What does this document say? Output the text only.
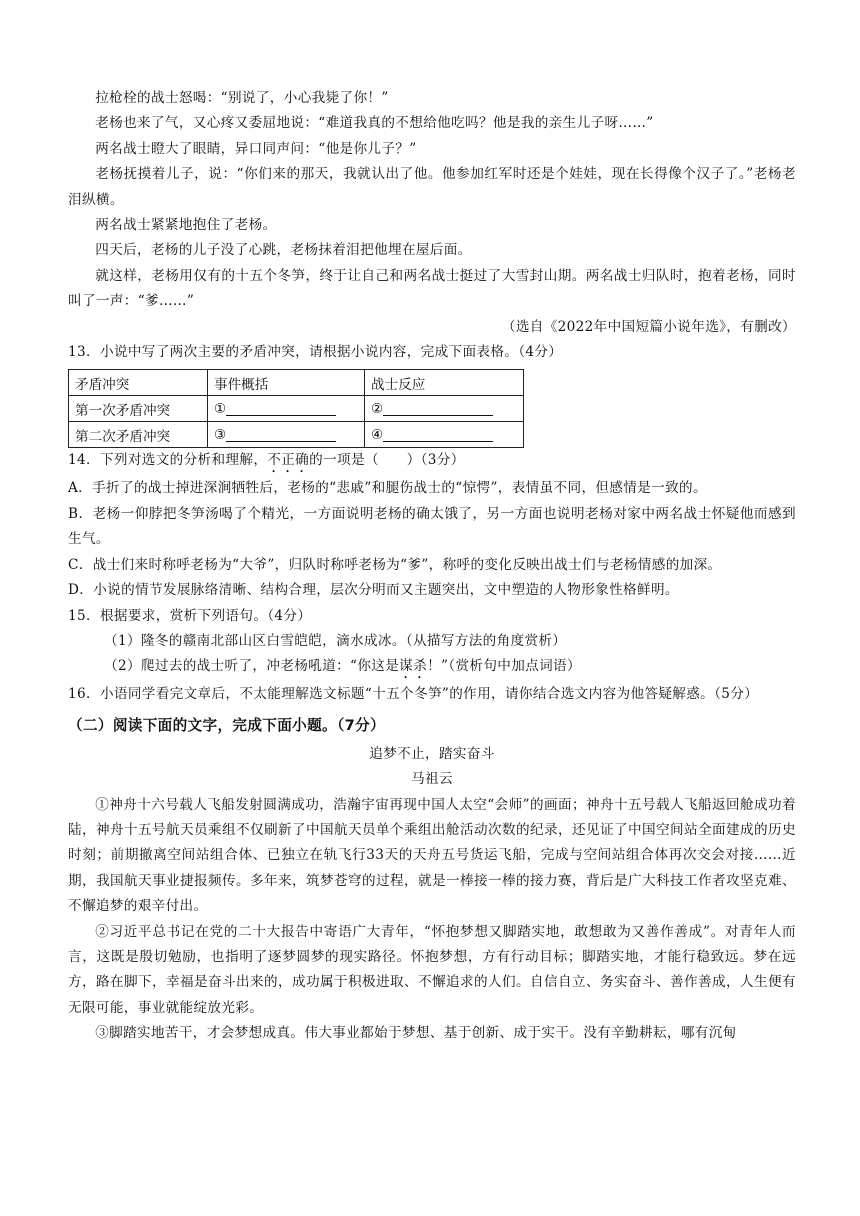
拉枪栓的战士怒喝：“别说了，小心我毙了你！”

老杨也来了气，又心疼又委屈地说：“难道我真的不想给他吃吗？他是我的亲生儿子呀……”

两名战士瞪大了眼睛，异口同声问：“他是你儿子？”

老杨抚摸着儿子，说：“你们来的那天，我就认出了他。他参加红军时还是个娃娃，现在长得像个汉子了。”老杨老泪纵横。

两名战士紧紧地抱住了老杨。

四天后，老杨的儿子没了心跳，老杨抹着泪把他埋在屋后面。

就这样，老杨用仅有的十五个冬笋，终于让自己和两名战士挺过了大雪封山期。两名战士归队时，抱着老杨，同时叫了一声：“爹……”

（选自《2022年中国短篇小说年选》，有删改）

13．小说中写了两次主要的矛盾冲突，请根据小说内容，完成下面表格。（4分）

矛盾冲突	事件概括	战士反应
第一次矛盾冲突	①	②
第二次矛盾冲突	③	④

14．下列对选文的分析和理解，不正确的一项是（　　）（3分）

A．手折了的战士掉进深涧牺牲后，老杨的“悲戚”和腿伤战士的“惊愕”，表情虽不同，但感情是一致的。

B．老杨一仰脖把冬笋汤喝了个精光，一方面说明老杨的确太饿了，另一方面也说明老杨对家中两名战士怀疑他而感到生气。

C．战士们来时称呼老杨为“大爷”，归队时称呼老杨为“爹”，称呼的变化反映出战士们与老杨情感的加深。

D．小说的情节发展脉络清晰、结构合理，层次分明而又主题突出，文中塑造的人物形象性格鲜明。

15．根据要求，赏析下列语句。（4分）

（1）隆冬的赣南北部山区白雪皑皑，滴水成冰。（从描写方法的角度赏析）

（2）爬过去的战士听了，冲老杨吼道：“你这是谋杀！”（赏析句中加点词语）

16．小语同学看完文章后，不太能理解选文标题“十五个冬笋”的作用，请你结合选文内容为他答疑解惑。（5分）

（二）阅读下面的文字，完成下面小题。（7分）

追梦不止，踏实奋斗

马祖云

①神舟十六号载人飞船发射圆满成功，浩瀚宇宙再现中国人太空“会师”的画面；神舟十五号载人飞船返回舱成功着陆，神舟十五号航天员乘组不仅刷新了中国航天员单个乘组出舱活动次数的纪录，还见证了中国空间站全面建成的历史时刻；前期撤离空间站组合体、已独立在轨飞行33天的天舟五号货运飞船，完成与空间站组合体再次交会对接……近期，我国航天事业捷报频传。多年来，筑梦苍穹的过程，就是一棒接一棒的接力赛，背后是广大科技工作者攻坚克难、不懈追梦的艰辛付出。

②习近平总书记在党的二十大报告中寄语广大青年，“怀抱梦想又脚踏实地，敢想敢为又善作善成”。对青年人而言，这既是殷切勉励，也指明了逐梦圆梦的现实路径。怀抱梦想，方有行动目标；脚踏实地，才能行稳致远。梦在远方，路在脚下，幸福是奋斗出来的，成功属于积极进取、不懈追求的人们。自信自立、务实奋斗、善作善成，人生便有无限可能，事业就能绽放光彩。

③脚踏实地苦干，才会梦想成真。伟大事业都始于梦想、基于创新、成于实干。没有辛勤耕耘，哪有沉甸
